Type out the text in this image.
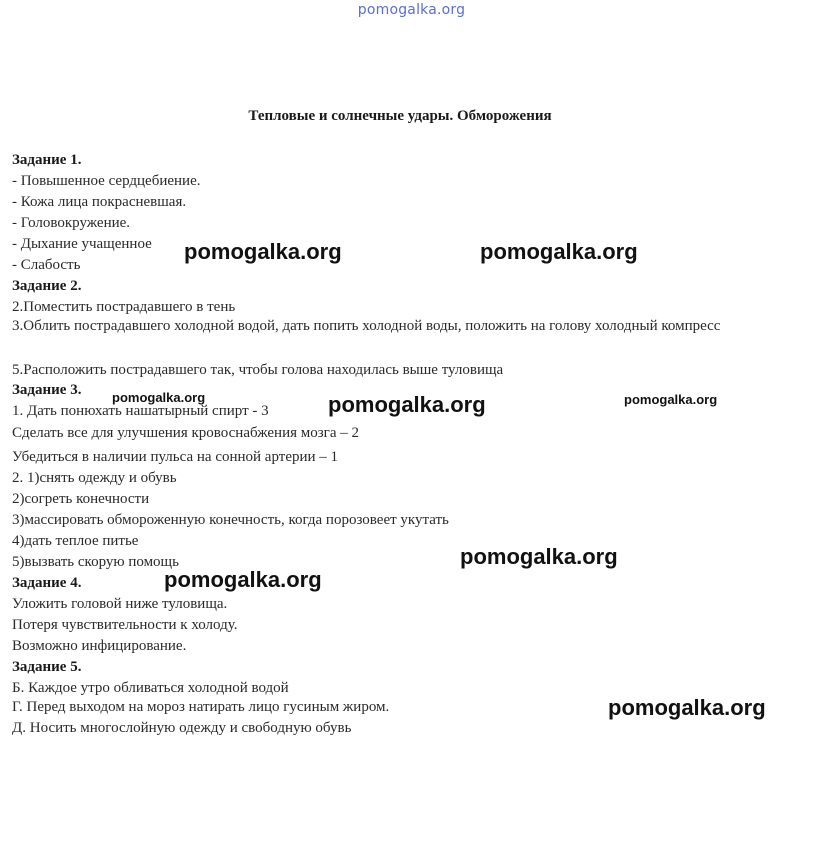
pomogalka.org
Тепловые и солнечные удары. Обморожения
Задание 1.
- Повышенное сердцебиение.
- Кожа лица покрасневшая.
- Головокружение.
- Дыхание учащенное
- Слабость
Задание 2.
2.Поместить пострадавшего в тень
3.Облить пострадавшего холодной водой, дать попить холодной воды, положить на голову холодный компресс
5.Расположить пострадавшего так, чтобы голова находилась выше туловища
Задание 3.
1. Дать понюхать нашатырный спирт - 3
Сделать все для улучшения кровоснабжения мозга – 2
Убедиться в наличии пульса на сонной артерии – 1
2. 1)снять одежду и обувь
2)согреть конечности
3)массировать обмороженную конечность, когда порозовеет укутать
4)дать теплое питье
5)вызвать скорую помощь
Задание 4.
Уложить головой ниже туловища.
Потеря чувствительности к холоду.
Возможно инфицирование.
Задание 5.
Б. Каждое утро обливаться холодной водой
Г. Перед выходом на мороз натирать лицо гусиным жиром.
Д. Носить многослойную одежду и свободную обувь
pomogalka.org	pomogalka.org
pomogalka.org	pomogalka.org	pomogalka.org
pomogalka.org
pomogalka.org
pomogalka.org
